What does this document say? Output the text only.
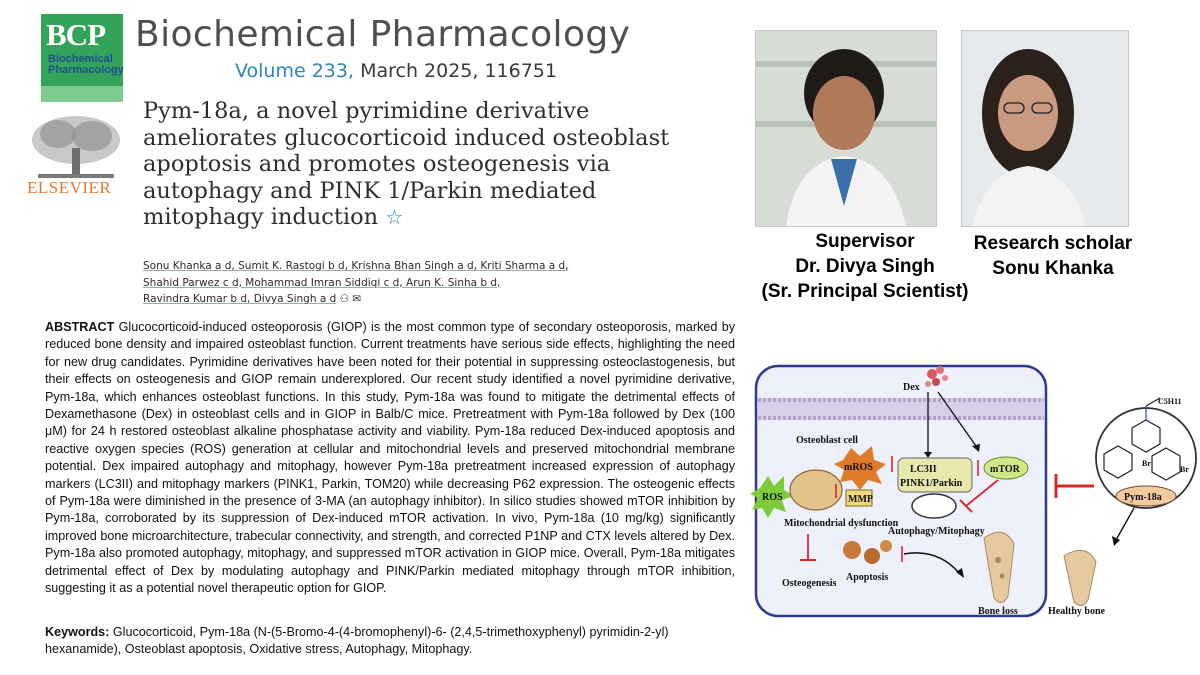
BCP
Biochemical Pharmacology
ELSEVIER
Biochemical Pharmacology
Volume 233, March 2025, 116751
Pym-18a, a novel pyrimidine derivative ameliorates glucocorticoid induced osteoblast apoptosis and promotes osteogenesis via autophagy and PINK 1/Parkin mediated mitophagy induction ☆
Sonu Khanka a d, Sumit K. Rastogi b d, Krishna Bhan Singh a d, Kriti Sharma a d,
Shahid Parwez c d, Mohammad Imran Siddiqi c d, Arun K. Sinha b d,
Ravindra Kumar b d, Divya Singh a d ⚇ ✉
Supervisor
Dr. Divya Singh
(Sr. Principal Scientist)
Research scholar
Sonu Khanka
ABSTRACT Glucocorticoid-induced osteoporosis (GIOP) is the most common type of secondary osteoporosis, marked by reduced bone density and impaired osteoblast function. Current treatments have serious side effects, highlighting the need for new drug candidates. Pyrimidine derivatives have been noted for their potential in suppressing osteoclastogenesis, but their effects on osteogenesis and GIOP remain underexplored. Our recent study identified a novel pyrimidine derivative, Pym-18a, which enhances osteoblast functions. In this study, Pym-18a was found to mitigate the detrimental effects of Dexamethasone (Dex) in osteoblast cells and in GIOP in Balb/C mice. Pretreatment with Pym-18a followed by Dex (100 μM) for 24 h restored osteoblast alkaline phosphatase activity and viability. Pym-18a reduced Dex-induced apoptosis and reactive oxygen species (ROS) generation at cellular and mitochondrial levels and preserved mitochondrial membrane potential. Dex impaired autophagy and mitophagy, however Pym-18a pretreatment increased expression of autophagy markers (LC3II) and mitophagy markers (PINK1, Parkin, TOM20) while decreasing P62 expression. The osteogenic effects of Pym-18a were diminished in the presence of 3-MA (an autophagy inhibitor). In silico studies showed mTOR inhibition by Pym-18a, corroborated by its suppression of Dex-induced mTOR activation. In vivo, Pym-18a (10 mg/kg) significantly improved bone microarchitecture, trabecular connectivity, and strength, and corrected P1NP and CTX levels altered by Dex. Pym-18a also promoted autophagy, mitophagy, and suppressed mTOR activation in GIOP mice. Overall, Pym-18a mitigates detrimental effect of Dex by modulating autophagy and PINK/Parkin mediated mitophagy through mTOR inhibition, suggesting it as a potential novel therapeutic option for GIOP.
Keywords: Glucocorticoid, Pym-18a (N-(5-Bromo-4-(4-bromophenyl)-6- (2,4,5-trimethoxyphenyl) pyrimidin-2-yl) hexanamide), Osteoblast apoptosis, Oxidative stress, Autophagy, Mitophagy.
Dex
Osteoblast cell
mROS
ROS	MMP
Mitochondrial dysfunction
LC3II
PINK1/Parkin
Autophagy/Mitophagy
mTOR
Osteogenesis
Apoptosis
Bone loss
C5H11
Br
Br
Pym-18a
Healthy bone
